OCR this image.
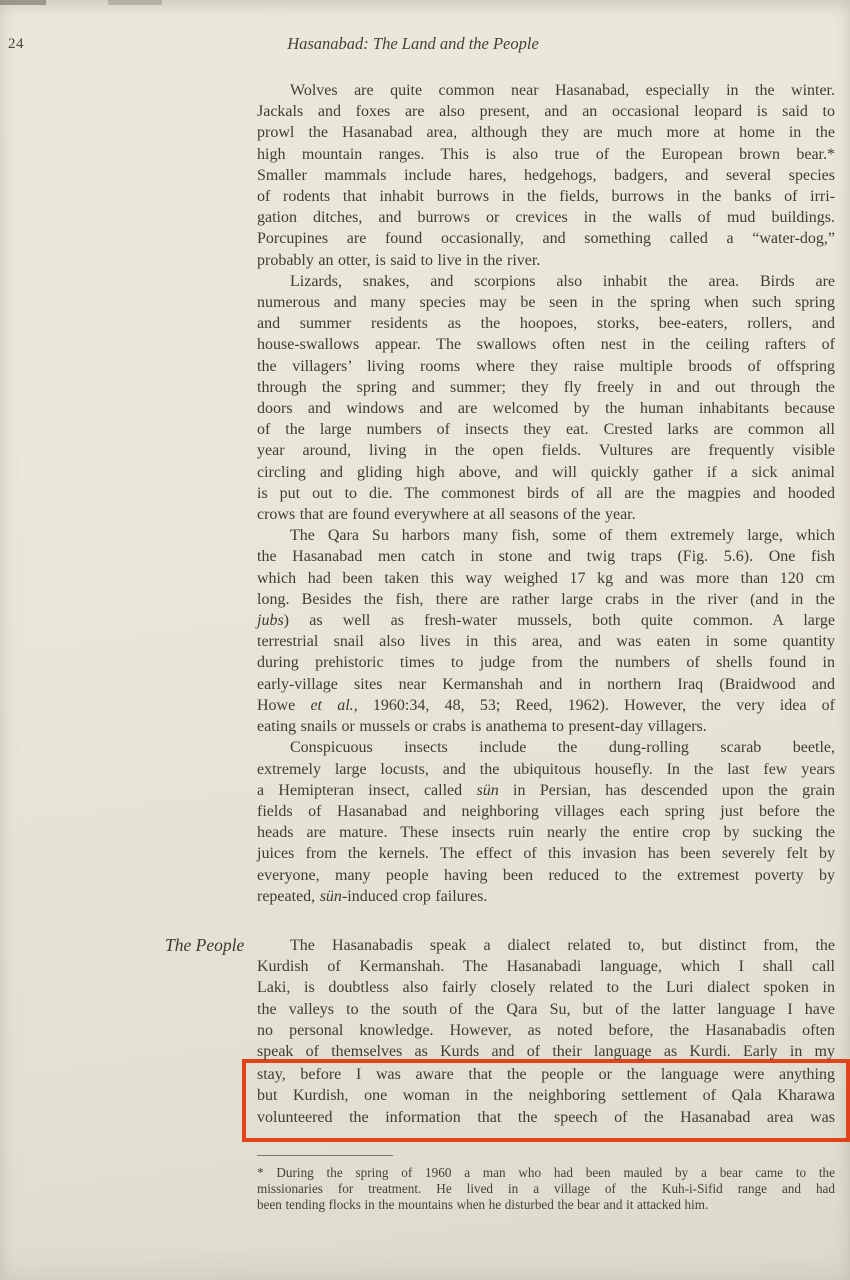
24	Hasanabad: The Land and the People
Wolves are quite common near Hasanabad, especially in the winter.
Jackals and foxes are also present, and an occasional leopard is said to
prowl the Hasanabad area, although they are much more at home in the
high mountain ranges. This is also true of the European brown bear.*
Smaller mammals include hares, hedgehogs, badgers, and several species
of rodents that inhabit burrows in the fields, burrows in the banks of irri-
gation ditches, and burrows or crevices in the walls of mud buildings.
Porcupines are found occasionally, and something called a “water-dog,”
probably an otter, is said to live in the river.
Lizards, snakes, and scorpions also inhabit the area. Birds are
numerous and many species may be seen in the spring when such spring
and summer residents as the hoopoes, storks, bee-eaters, rollers, and
house-swallows appear. The swallows often nest in the ceiling rafters of
the villagers’ living rooms where they raise multiple broods of offspring
through the spring and summer; they fly freely in and out through the
doors and windows and are welcomed by the human inhabitants because
of the large numbers of insects they eat. Crested larks are common all
year around, living in the open fields. Vultures are frequently visible
circling and gliding high above, and will quickly gather if a sick animal
is put out to die. The commonest birds of all are the magpies and hooded
crows that are found everywhere at all seasons of the year.
The Qara Su harbors many fish, some of them extremely large, which
the Hasanabad men catch in stone and twig traps (Fig. 5.6). One fish
which had been taken this way weighed 17 kg and was more than 120 cm
long. Besides the fish, there are rather large crabs in the river (and in the
jubs) as well as fresh-water mussels, both quite common. A large
terrestrial snail also lives in this area, and was eaten in some quantity
during prehistoric times to judge from the numbers of shells found in
early-village sites near Kermanshah and in northern Iraq (Braidwood and
Howe et al., 1960:34, 48, 53; Reed, 1962). However, the very idea of
eating snails or mussels or crabs is anathema to present-day villagers.
Conspicuous insects include the dung-rolling scarab beetle,
extremely large locusts, and the ubiquitous housefly. In the last few years
a Hemipteran insect, called sün in Persian, has descended upon the grain
fields of Hasanabad and neighboring villages each spring just before the
heads are mature. These insects ruin nearly the entire crop by sucking the
juices from the kernels. The effect of this invasion has been severely felt by
everyone, many people having been reduced to the extremest poverty by
repeated, sün-induced crop failures.
The People	The Hasanabadis speak a dialect related to, but distinct from, the
Kurdish of Kermanshah. The Hasanabadi language, which I shall call
Laki, is doubtless also fairly closely related to the Luri dialect spoken in
the valleys to the south of the Qara Su, but of the latter language I have
no personal knowledge. However, as noted before, the Hasanabadis often
speak of themselves as Kurds and of their language as Kurdi. Early in my
stay, before I was aware that the people or the language were anything
but Kurdish, one woman in the neighboring settlement of Qala Kharawa
volunteered the information that the speech of the Hasanabad area was
* During the spring of 1960 a man who had been mauled by a bear came to the
missionaries for treatment. He lived in a village of the Kuh-i-Sifid range and had
been tending flocks in the mountains when he disturbed the bear and it attacked him.
